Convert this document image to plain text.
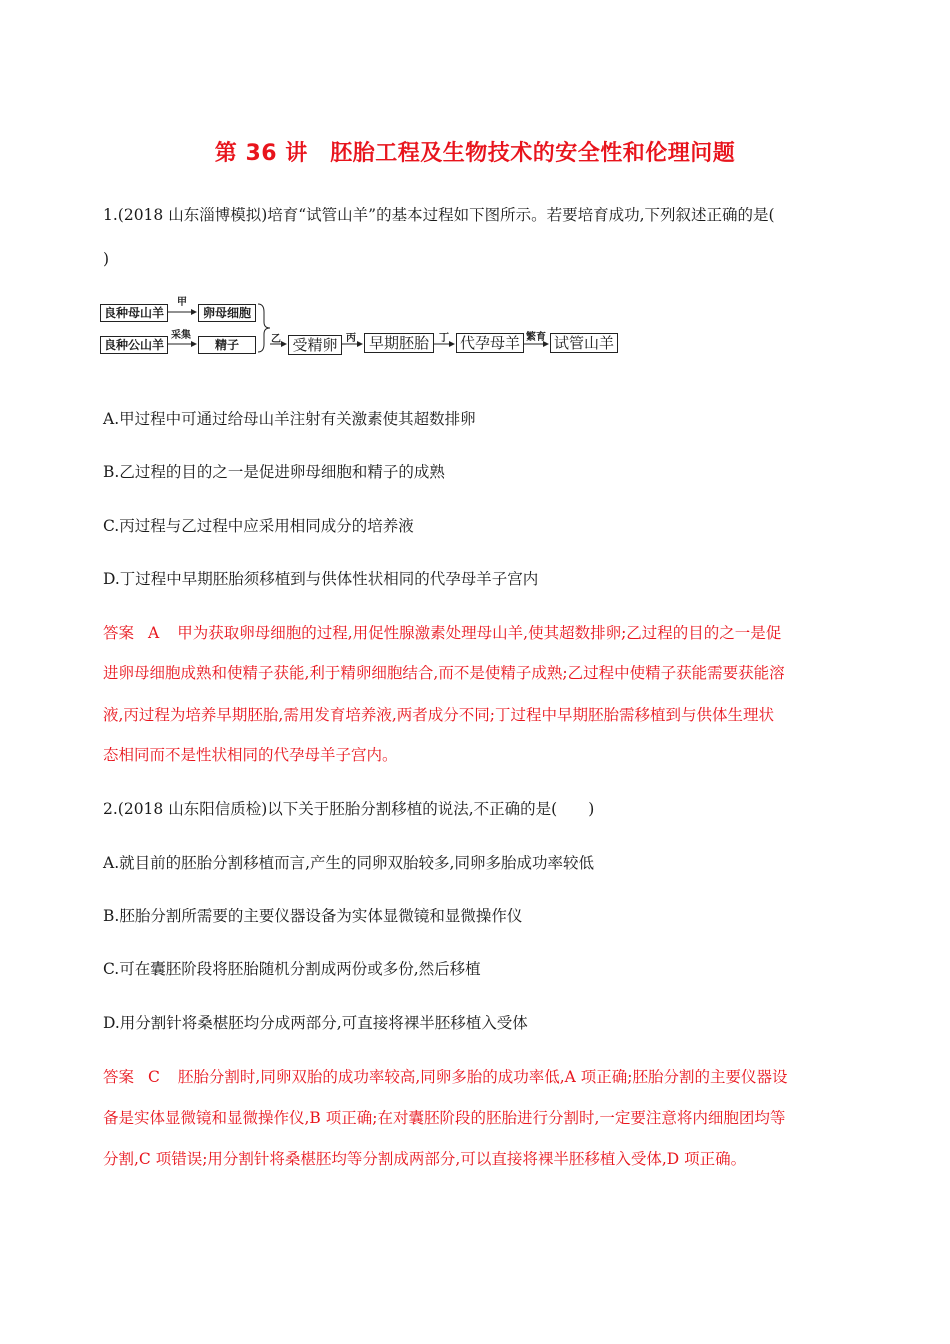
第 36 讲　胚胎工程及生物技术的安全性和伦理问题
1.(2018 山东淄博模拟)培育“试管山羊”的基本过程如下图所示。若要培育成功,下列叙述正确的是(
)
良种母山羊
良种公山羊
甲
采集
卵母细胞
精子	乙 受精卵 丙 早期胚胎	丁 代孕母羊 繁育 试管山羊
A.甲过程中可通过给母山羊注射有关激素使其超数排卵
B.乙过程的目的之一是促进卵母细胞和精子的成熟
C.丙过程与乙过程中应采用相同成分的培养液
D.丁过程中早期胚胎须移植到与供体性状相同的代孕母羊子宫内
答案 A 甲为获取卵母细胞的过程,用促性腺激素处理母山羊,使其超数排卵;乙过程的目的之一是促
进卵母细胞成熟和使精子获能,利于精卵细胞结合,而不是使精子成熟;乙过程中使精子获能需要获能溶
液,丙过程为培养早期胚胎,需用发育培养液,两者成分不同;丁过程中早期胚胎需移植到与供体生理状
态相同而不是性状相同的代孕母羊子宫内。
2.(2018 山东阳信质检)以下关于胚胎分割移植的说法,不正确的是(　　)
A.就目前的胚胎分割移植而言,产生的同卵双胎较多,同卵多胎成功率较低
B.胚胎分割所需要的主要仪器设备为实体显微镜和显微操作仪
C.可在囊胚阶段将胚胎随机分割成两份或多份,然后移植
D.用分割针将桑椹胚均分成两部分,可直接将裸半胚移植入受体
答案 C 胚胎分割时,同卵双胎的成功率较高,同卵多胎的成功率低,A 项正确;胚胎分割的主要仪器设
备是实体显微镜和显微操作仪,B 项正确;在对囊胚阶段的胚胎进行分割时,一定要注意将内细胞团均等
分割,C 项错误;用分割针将桑椹胚均等分割成两部分,可以直接将裸半胚移植入受体,D 项正确。
